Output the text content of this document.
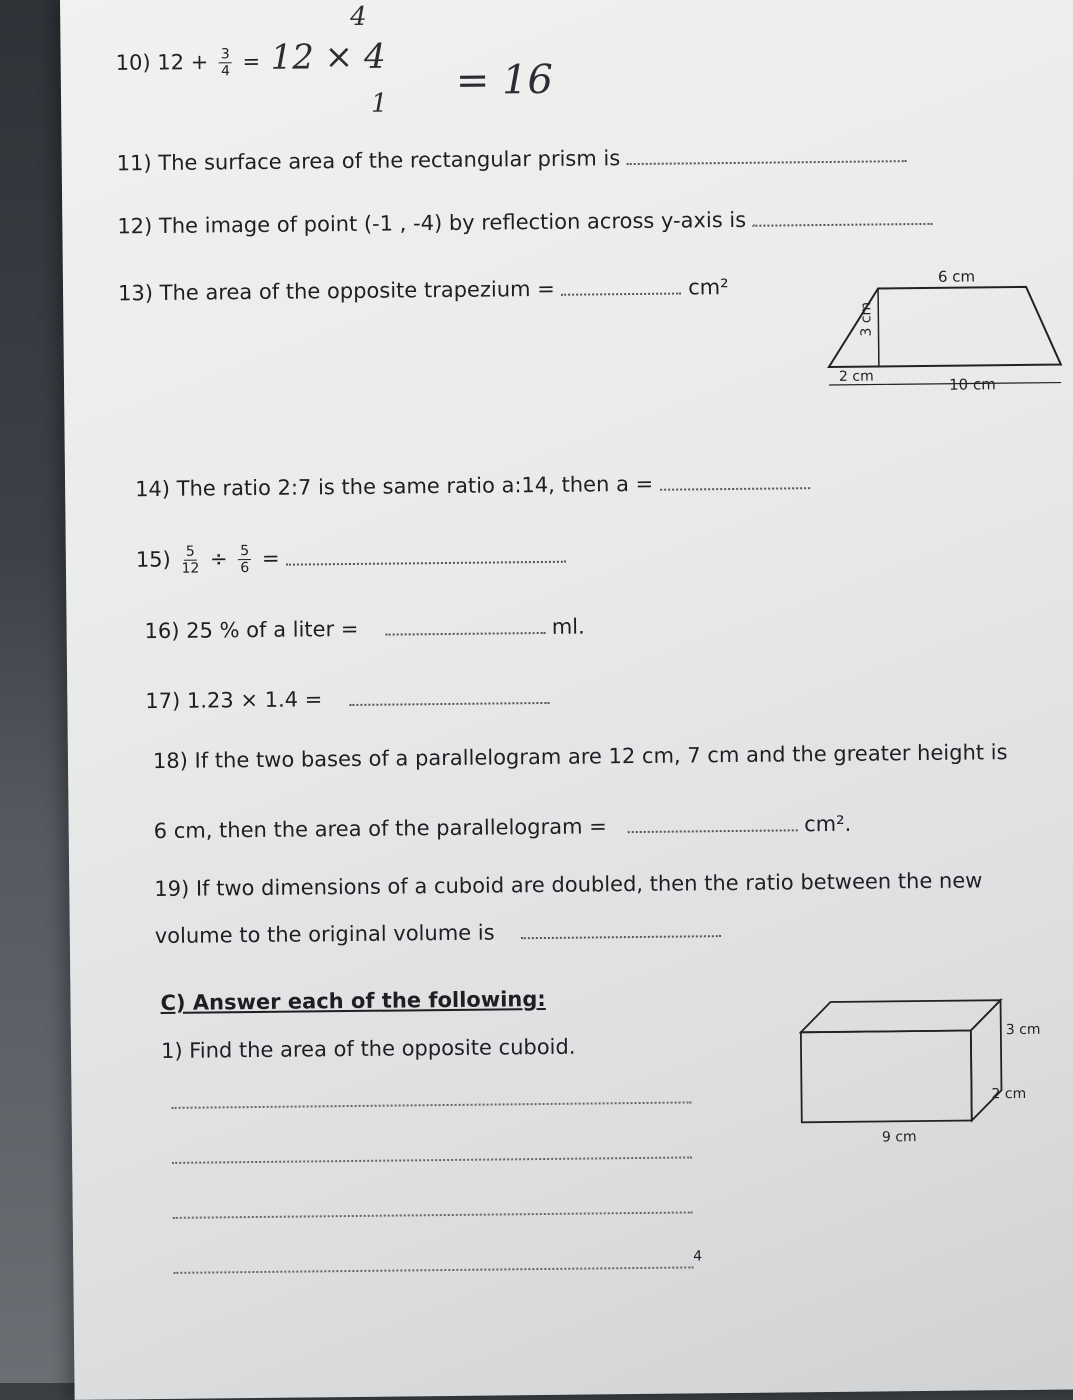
10) $12 + \frac{3}{4} = 12 \times 4$
4
1 = 16
11) The surface area of the rectangular prism is
12) The image of point (-1 , -4) by reflection across y-axis is
13) The area of the opposite trapezium =	cm²	6 cm
3 cm
2 cm	10 cm
14) The ratio 2:7 is the same ratio a:14, then a =
$15) \frac{5}{12} \div \frac{5}{6}$ =
16) 25 % of a liter =	ml.
17) 1.23 × 1.4 =
18) If the two bases of a parallelogram are 12 cm, 7 cm and the greater height is
6 cm, then the area of the parallelogram =	cm².
19) If two dimensions of a cuboid are doubled, then the ratio between the new
volume to the original volume is
C) Answer each of the following:
1) Find the area of the opposite cuboid.
3 cm
2 cm
9 cm
4
